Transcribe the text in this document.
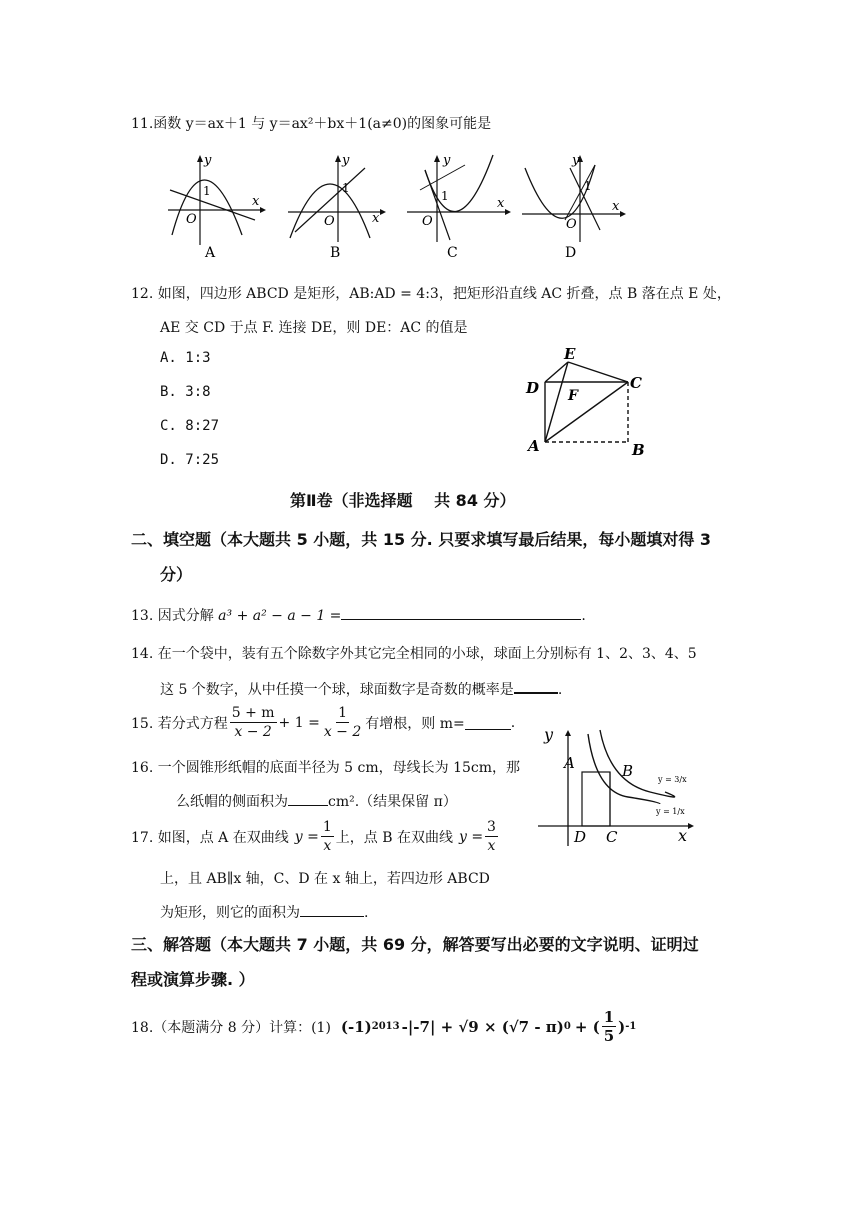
11.函数 y＝ax＋1 与 y＝ax²＋bx＋1(a≠0)的图象可能是
y
x
O
1
A
y
x
O
1
B
y
x
O
1
C
y
x
O
1
D
12. 如图，四边形 ABCD 是矩形，AB:AD = 4:3，把矩形沿直线 AC 折叠，点 B 落在点 E 处，
AE 交 CD 于点 F. 连接 DE，则 DE：AC 的值是
A. 1:3
B. 3:8
C. 8:27
D. 7:25
E
D	C
F
A	B
第Ⅱ卷（非选择题　 共 84 分）
二、填空题（本大题共 5 小题，共 15 分. 只要求填写最后结果，每小题填对得 3
分）
13. 因式分解 a³ + a² − a − 1 =	.
14. 在一个袋中，装有五个除数字外其它完全相同的小球，球面上分别标有 1、2、3、4、5
这 5 个数字，从中任摸一个球，球面数字是奇数的概率是	.
15. 若分式方程 $\frac{5 + m}{x - 2} + 1 = \frac{1}{x - 2}$ 有增根，则 m=	.
16. 一个圆锥形纸帽的底面半径为 5 cm，母线长为 15cm，那
么纸帽的侧面积为	cm².（结果保留 π）
17. 如图，点 A 在双曲线 $y = \frac{1}{x}$ 上，点 B 在双曲线 $y = \frac{3}{x}$
上，且 AB∥x 轴，C、D 在 x 轴上，若四边形 ABCD
为矩形，则它的面积为	.
y
x
A	B
D C
y = 3/x
y = 1/x
三、解答题（本大题共 7 小题，共 69 分，解答要写出必要的文字说明、证明过
程或演算步骤. ）
18.（本题满分 8 分）计算：(1) (-1) 2013 -|-7| + √9 × (√7 - π) 0 + ( $\frac{1}{5}$ ) -1
